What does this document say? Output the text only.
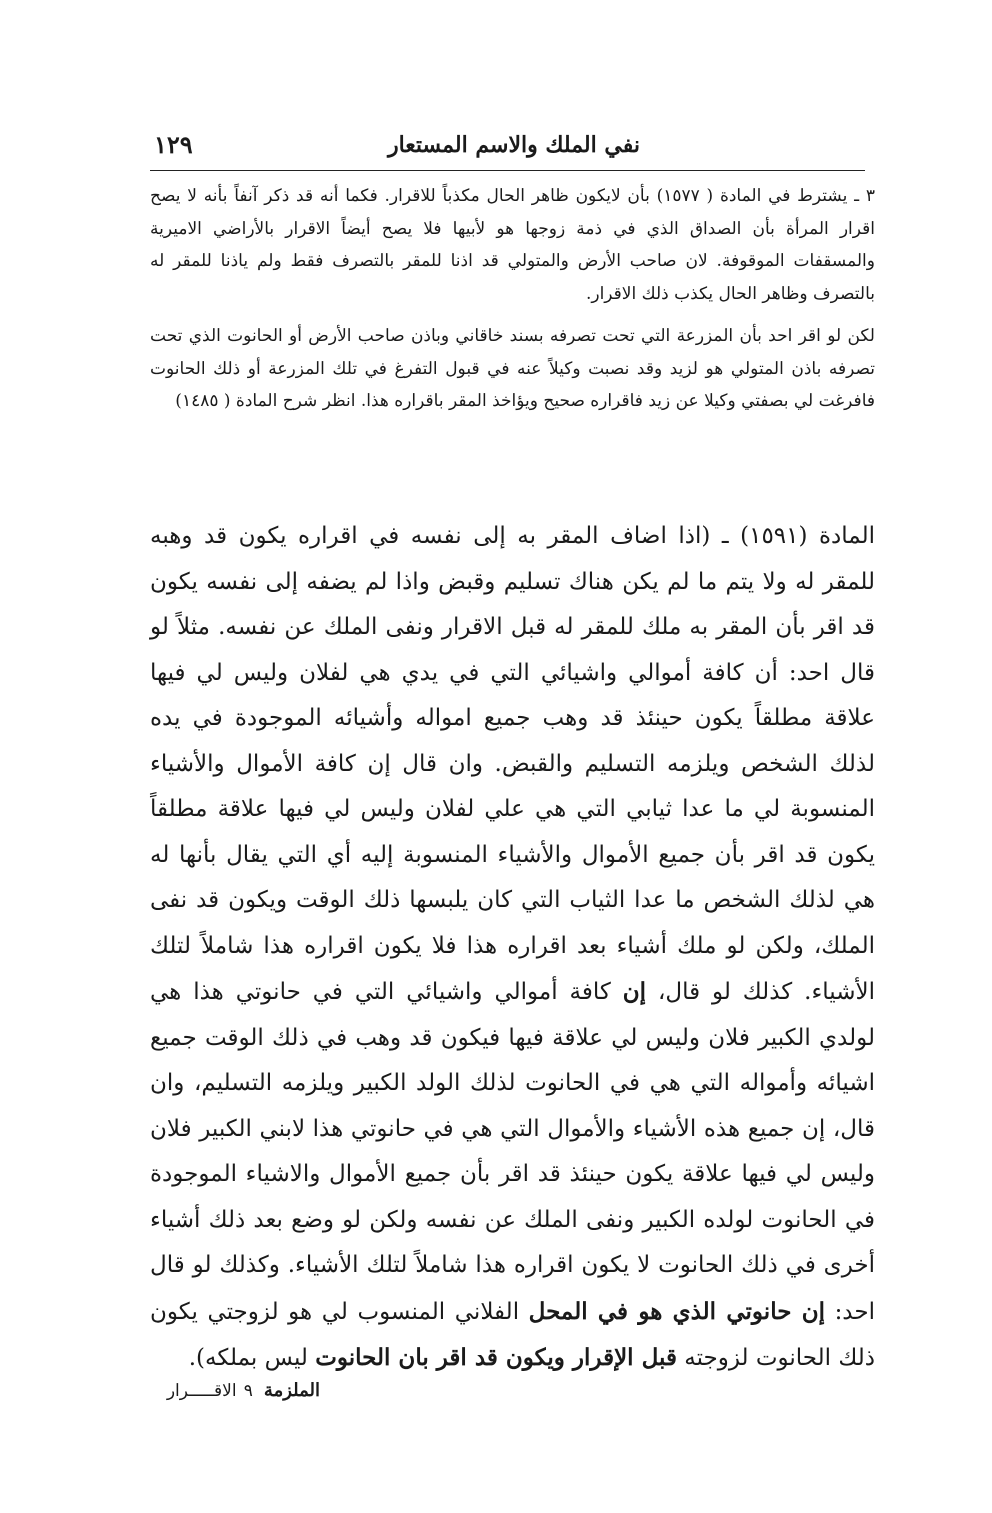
نفي الملك والاسم المستعار
١٢٩

٣ ـ يشترط في المادة ( ١٥٧٧) بأن لايكون ظاهر الحال مكذباً للاقرار. فكما أنه قد ذكر آنفاً بأنه لا يصح اقرار المرأة بأن الصداق الذي في ذمة زوجها هو لأبيها فلا يصح أيضاً الاقرار بالأراضي الاميرية والمسقفات الموقوفة. لان صاحب الأرض والمتولي قد اذنا للمقر بالتصرف فقط ولم ياذنا للمقر له بالتصرف وظاهر الحال يكذب ذلك الاقرار.

لكن لو اقر احد بأن المزرعة التي تحت تصرفه بسند خاقاني وباذن صاحب الأرض أو الحانوت الذي تحت تصرفه باذن المتولي هو لزيد وقد نصبت وكيلاً عنه في قبول التفرغ في تلك المزرعة أو ذلك الحانوت فافرغت لي بصفتي وكيلا عن زيد فاقراره صحيح ويؤاخذ المقر باقراره هذا. انظر شرح المادة ( ١٤٨٥)

المادة (١٥٩١) ـ (اذا اضاف المقر به إلى نفسه في اقراره يكون قد وهبه للمقر له ولا يتم ما لم يكن هناك تسليم وقبض واذا لم يضفه إلى نفسه يكون قد اقر بأن المقر به ملك للمقر له قبل الاقرار ونفى الملك عن نفسه. مثلاً لو قال احد: أن كافة أموالي واشيائي التي في يدي هي لفلان وليس لي فيها علاقة مطلقاً يكون حينئذ قد وهب جميع امواله وأشيائه الموجودة في يده لذلك الشخص ويلزمه التسليم والقبض. وان قال إن كافة الأموال والأشياء المنسوبة لي ما عدا ثيابي التي هي علي لفلان وليس لي فيها علاقة مطلقاً يكون قد اقر بأن جميع الأموال والأشياء المنسوبة إليه أي التي يقال بأنها له هي لذلك الشخص ما عدا الثياب التي كان يلبسها ذلك الوقت ويكون قد نفى الملك، ولكن لو ملك أشياء بعد اقراره هذا فلا يكون اقراره هذا شاملاً لتلك الأشياء. كذلك لو قال، إن كافة أموالي واشيائي التي في حانوتي هذا هي لولدي الكبير فلان وليس لي علاقة فيها فيكون قد وهب في ذلك الوقت جميع اشيائه وأمواله التي هي في الحانوت لذلك الولد الكبير ويلزمه التسليم، وان قال، إن جميع هذه الأشياء والأموال التي هي في حانوتي هذا لابني الكبير فلان وليس لي فيها علاقة يكون حينئذ قد اقر بأن جميع الأموال والاشياء الموجودة في الحانوت لولده الكبير ونفى الملك عن نفسه ولكن لو وضع بعد ذلك أشياء أخرى في ذلك الحانوت لا يكون اقراره هذا شاملاً لتلك الأشياء. وكذلك لو قال احد: إن حانوتي الذي هو في المحل الفلاني المنسوب لي هو لزوجتي يكون ذلك الحانوت لزوجته قبل الإقرار ويكون قد اقر بان الحانوت ليس بملكه).

الملزمة ٩ الاقـــــرار
